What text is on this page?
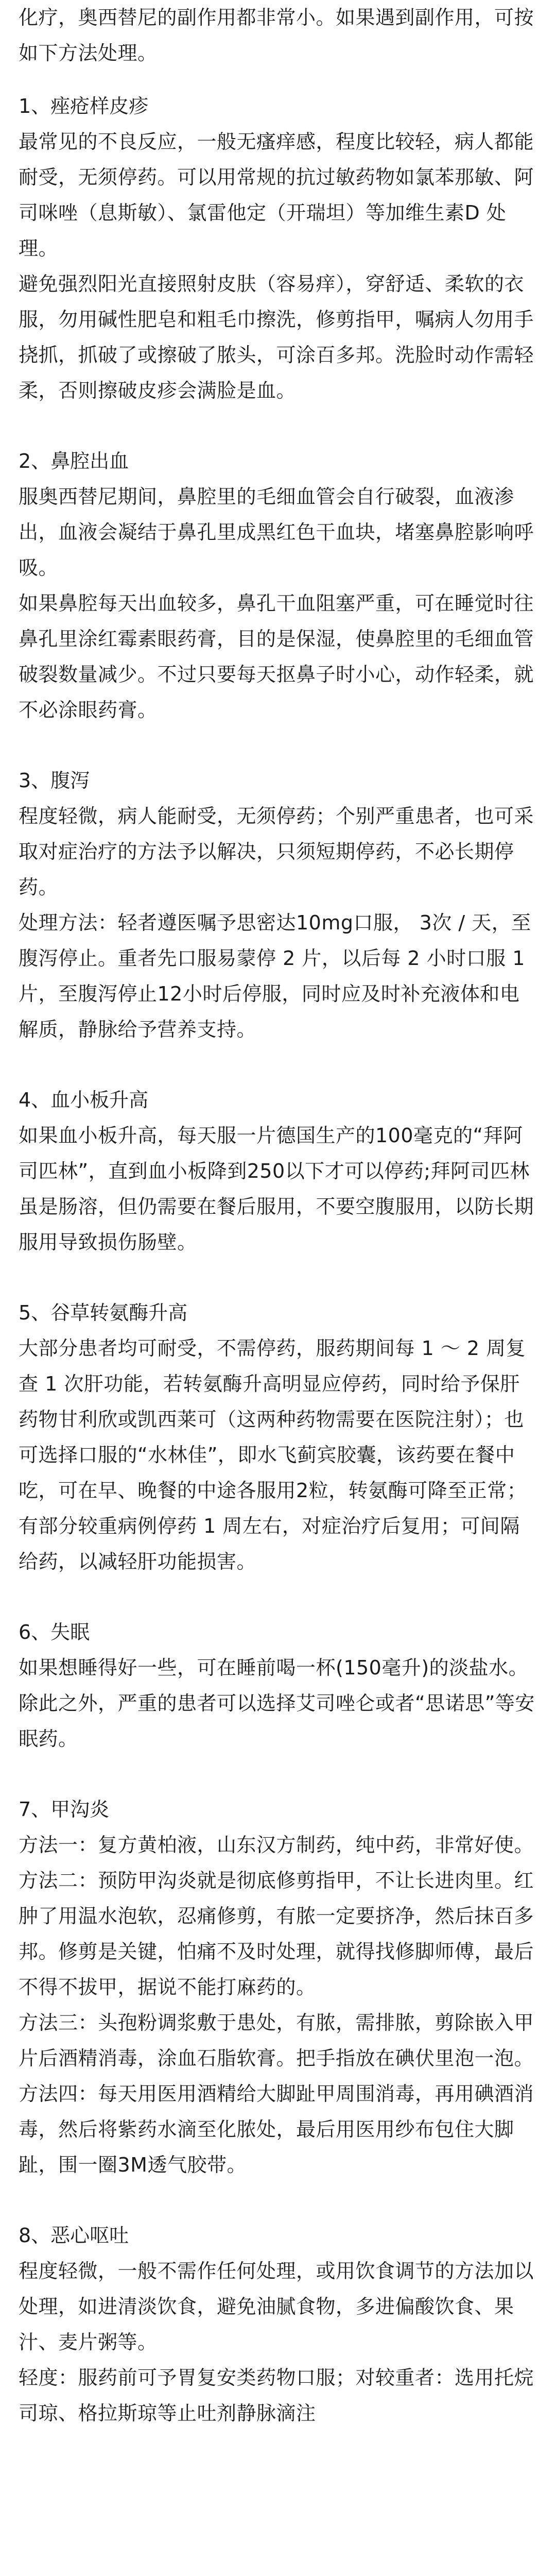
化疗，奥西替尼的副作用都非常小。如果遇到副作用，可按如下方法处理。

1、痤疮样皮疹

最常见的不良反应，一般无瘙痒感，程度比较轻，病人都能耐受，无须停药。可以用常规的抗过敏药物如氯苯那敏、阿司咪唑（息斯敏）、氯雷他定（开瑞坦）等加维生素D 处理。

避免强烈阳光直接照射皮肤（容易痒），穿舒适、柔软的衣服，勿用碱性肥皂和粗毛巾擦洗，修剪指甲，嘱病人勿用手挠抓，抓破了或擦破了脓头，可涂百多邦。洗脸时动作需轻柔，否则擦破皮疹会满脸是血。

2、鼻腔出血

服奥西替尼期间，鼻腔里的毛细血管会自行破裂，血液渗出，血液会凝结于鼻孔里成黑红色干血块，堵塞鼻腔影响呼吸。

如果鼻腔每天出血较多，鼻孔干血阻塞严重，可在睡觉时往鼻孔里涂红霉素眼药膏，目的是保湿，使鼻腔里的毛细血管破裂数量减少。不过只要每天抠鼻子时小心，动作轻柔，就不必涂眼药膏。

3、腹泻

程度轻微，病人能耐受，无须停药；个别严重患者，也可采取对症治疗的方法予以解决，只须短期停药，不必长期停药。

处理方法：轻者遵医嘱予思密达10mg口服， 3次 / 天，至腹泻停止。重者先口服易蒙停 2 片，以后每 2 小时口服 1 片，至腹泻停止12小时后停服，同时应及时补充液体和电解质，静脉给予营养支持。

4、血小板升高

如果血小板升高，每天服一片德国生产的100毫克的“拜阿司匹林”，直到血小板降到250以下才可以停药;拜阿司匹林虽是肠溶，但仍需要在餐后服用，不要空腹服用，以防长期服用导致损伤肠壁。

5、谷草转氨酶升高

大部分患者均可耐受，不需停药，服药期间每 1 ～ 2 周复查 1 次肝功能，若转氨酶升高明显应停药，同时给予保肝药物甘利欣或凯西莱可（这两种药物需要在医院注射）；也可选择口服的“水林佳”，即水飞蓟宾胶囊，该药要在餐中吃，可在早、晚餐的中途各服用2粒，转氨酶可降至正常；有部分较重病例停药 1 周左右，对症治疗后复用；可间隔给药，以减轻肝功能损害。

6、失眠

如果想睡得好一些，可在睡前喝一杯(150毫升)的淡盐水。除此之外，严重的患者可以选择艾司唑仑或者“思诺思”等安眠药。

7、甲沟炎

方法一：复方黄柏液，山东汉方制药，纯中药，非常好使。

方法二：预防甲沟炎就是彻底修剪指甲，不让长进肉里。红肿了用温水泡软，忍痛修剪，有脓一定要挤净，然后抹百多邦。修剪是关键，怕痛不及时处理，就得找修脚师傅，最后不得不拔甲，据说不能打麻药的。

方法三：头孢粉调浆敷于患处，有脓，需排脓，剪除嵌入甲片后酒精消毒，涂血石脂软膏。把手指放在碘伏里泡一泡。

方法四：每天用医用酒精给大脚趾甲周围消毒，再用碘酒消毒，然后将紫药水滴至化脓处，最后用医用纱布包住大脚趾，围一圈3M透气胶带。

8、恶心呕吐

程度轻微，一般不需作任何处理，或用饮食调节的方法加以处理，如进清淡饮食，避免油腻食物，多进偏酸饮食、果汁、麦片粥等。

轻度：服药前可予胃复安类药物口服；对较重者：选用托烷司琼、格拉斯琼等止吐剂静脉滴注
